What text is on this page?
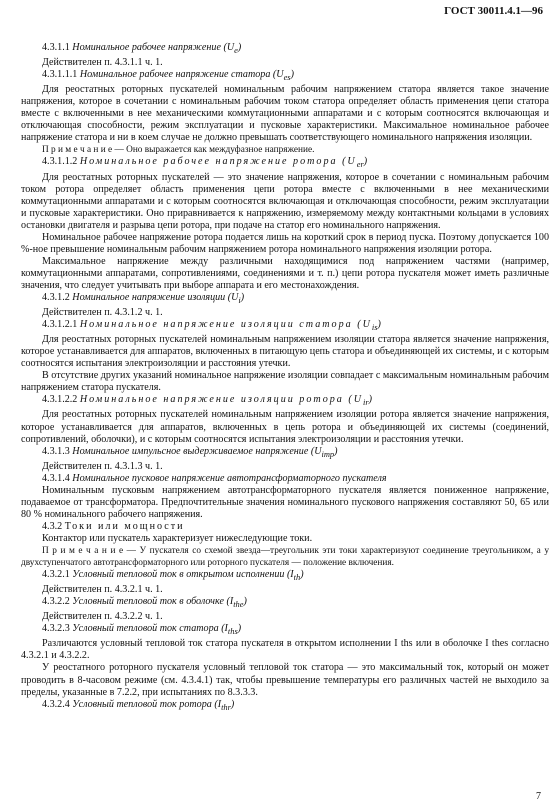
ГОСТ 30011.4.1—96

4.3.1.1 Номинальное рабочее напряжение $(U_e)$

Действителен п. 4.3.1.1 ч. 1.

4.3.1.1.1 Номинальное рабочее напряжение статора $(U_{es})$

Для реостатных роторных пускателей номинальным рабочим напряжением статора является такое значение напряжения, которое в сочетании с номинальным рабочим током статора определяет область применения цепи статора вместе с включенными в нее механическими коммутационными аппаратами и с которым соотносятся включающая и отключающая способности, режим эксплуатации и пусковые характеристики. Максимальное номинальное рабочее напряжение статора и ни в коем случае не должно превышать соответствующего номинального напряжения изоляции.

П р и м е ч а н и е — Оно выражается как междуфазное напряжение.

4.3.1.1.2 Номинальное рабочее напряжение ротора $(U_{er})$

Для реостатных роторных пускателей — это значение напряжения, которое в сочетании с номинальным рабочим током ротора определяет область применения цепи ротора вместе с включенными в нее механическими коммутационными аппаратами и с которым соотносятся включающая и отключающая способности, режим эксплуатации и пусковые характеристики. Оно приравнивается к напряжению, измеряемому между контактными кольцами в условиях остановки двигателя и разрыва цепи ротора, при подаче на статор его номинального напряжения.

Номинальное рабочее напряжение ротора подается лишь на короткий срок в период пуска. Поэтому допускается 100 %-ное превышение номинальным рабочим напряжением ротора номинального напряжения изоляции ротора.

Максимальное напряжение между различными находящимися под напряжением частями (например, коммутационными аппаратами, сопротивлениями, соединениями и т. п.) цепи ротора пускателя может иметь различные значения, что следует учитывать при выборе аппарата и его местонахождения.

4.3.1.2 Номинальное напряжение изоляции $(U_i)$

Действителен п. 4.3.1.2 ч. 1.

4.3.1.2.1 Номинальное напряжение изоляции статора $(U_{is})$

Для реостатных роторных пускателей номинальным напряжением изоляции статора является значение напряжения, которое устанавливается для аппаратов, включенных в питающую цепь статора и объединяющей их системы, и с которым соотносятся испытания электроизоляции и расстояния утечки.

В отсутствие других указаний номинальное напряжение изоляции совпадает с максимальным номинальным рабочим напряжением статора пускателя.

4.3.1.2.2 Номинальное напряжение изоляции ротора $(U_{ir})$

Для реостатных роторных пускателей номинальным напряжением изоляции ротора является значение напряжения, которое устанавливается для аппаратов, включенных в цепь ротора и объединяющей их системы (соединений, сопротивлений, оболочки), и с которым соотносятся испытания электроизоляции и расстояния утечки.

4.3.1.3 Номинальное импульсное выдерживаемое напряжение $(U_{imp})$

Действителен п. 4.3.1.3 ч. 1.

4.3.1.4 Номинальное пусковое напряжение автотрансформаторного пускателя

Номинальным пусковым напряжением автотрансформаторного пускателя является пониженное напряжение, подаваемое от трансформатора. Предпочтительные значения номинального пускового напряжения составляют 50, 65 или 80 % номинального рабочего напряжения.

4.3.2 Токи или мощности

Контактор или пускатель характеризует нижеследующие токи.

П р и м е ч а н и е — У пускателя со схемой звезда—треугольник эти токи характеризуют соединение треугольником, а у двухступенчатого автотрансформаторного или роторного пускателя — положение включения.

4.3.2.1 Условный тепловой ток в открытом исполнении $(I_{th})$

Действителен п. 4.3.2.1 ч. 1.

4.3.2.2 Условный тепловой ток в оболочке $(I_{the})$

Действителен п. 4.3.2.2 ч. 1.

4.3.2.3 Условный тепловой ток статора $(I_{ths})$

Различаются условный тепловой ток статора пускателя в открытом исполнении I ths или в оболочке I thes согласно 4.3.2.1 и 4.3.2.2.

У реостатного роторного пускателя условный тепловой ток статора — это максимальный ток, который он может проводить в 8-часовом режиме (см. 4.3.4.1) так, чтобы превышение температуры его различных частей не выходило за пределы, указанные в 7.2.2, при испытаниях по 8.3.3.3.

4.3.2.4 Условный тепловой ток ротора $(I_{thr})$

7
